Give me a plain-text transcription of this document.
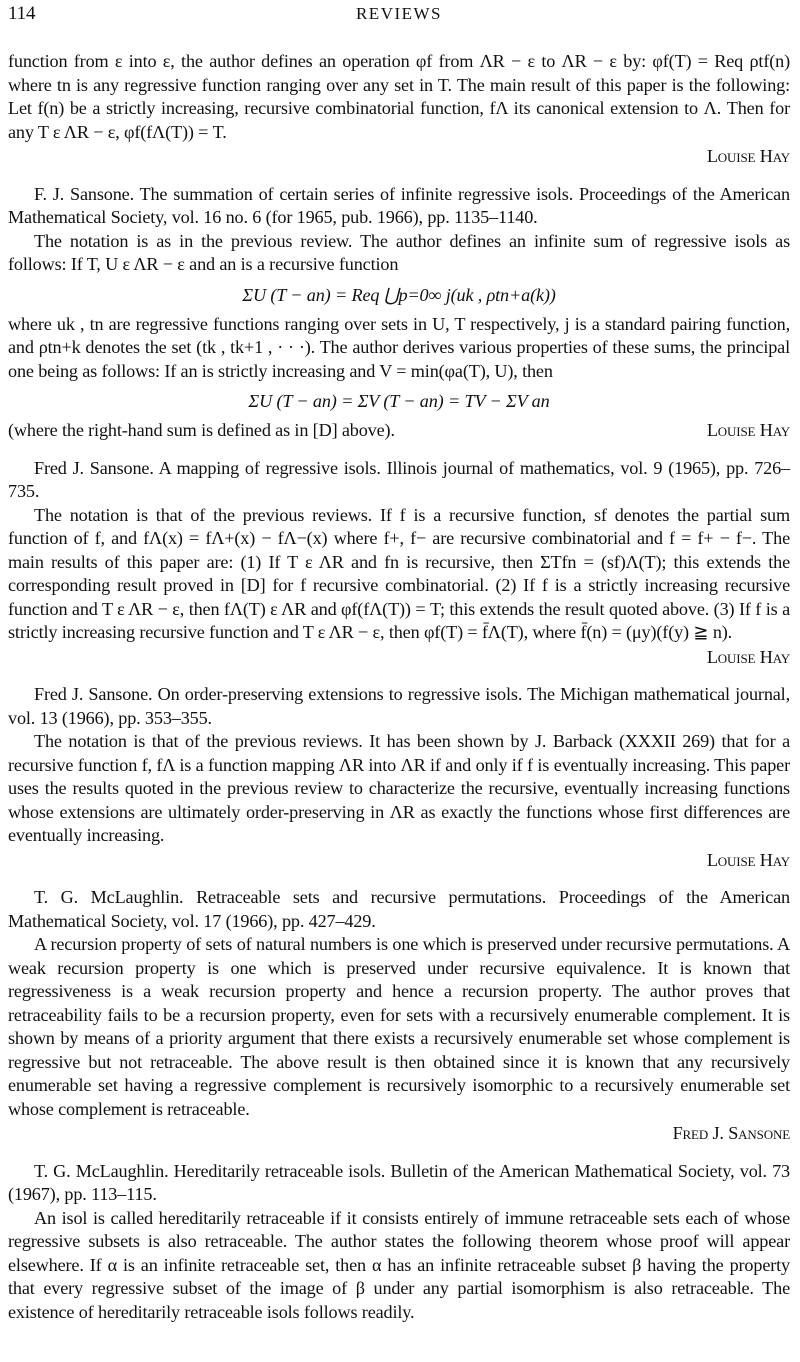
114	REVIEWS

function from ε into ε, the author defines an operation φf from ΛR − ε to ΛR − ε by: φf(T) = Req ρtf(n) where tn is any regressive function ranging over any set in T. The main result of this paper is the following: Let f(n) be a strictly increasing, recursive combinatorial function, fΛ its canonical extension to Λ. Then for any T ε ΛR − ε, φf(fΛ(T)) = T.

Louise Hay

F. J. Sansone. The summation of certain series of infinite regressive isols. Proceedings of the American Mathematical Society, vol. 16 no. 6 (for 1965, pub. 1966), pp. 1135–1140.

The notation is as in the previous review. The author defines an infinite sum of regressive isols as follows: If T, U ε ΛR − ε and an is a recursive function

ΣU (T − an) = Req ⋃p=0∞ j(uk , ρtn+a(k))

where uk , tn are regressive functions ranging over sets in U, T respectively, j is a standard pairing function, and ρtn+k denotes the set (tk , tk+1 , · · ·). The author derives various properties of these sums, the principal one being as follows: If an is strictly increasing and V = min(φa(T), U), then

ΣU (T − an) = ΣV (T − an) = TV − ΣV an
(where the right-hand sum is defined as in [D] above).	Louise Hay

Fred J. Sansone. A mapping of regressive isols. Illinois journal of mathematics, vol. 9 (1965), pp. 726–735.

The notation is that of the previous reviews. If f is a recursive function, sf denotes the partial sum function of f, and fΛ(x) = fΛ+(x) − fΛ−(x) where f+, f− are recursive combinatorial and f = f+ − f−. The main results of this paper are: (1) If T ε ΛR and fn is recursive, then ΣTfn = (sf)Λ(T); this extends the corresponding result proved in [D] for f recursive combinatorial. (2) If f is a strictly increasing recursive function and T ε ΛR − ε, then fΛ(T) ε ΛR and φf(fΛ(T)) = T; this extends the result quoted above. (3) If f is a strictly increasing recursive function and T ε ΛR − ε, then φf(T) = f̄Λ(T), where f̄(n) = (μy)(f(y) ≧ n).

Louise Hay

Fred J. Sansone. On order-preserving extensions to regressive isols. The Michigan mathematical journal, vol. 13 (1966), pp. 353–355.

The notation is that of the previous reviews. It has been shown by J. Barback (XXXII 269) that for a recursive function f, fΛ is a function mapping ΛR into ΛR if and only if f is eventually increasing. This paper uses the results quoted in the previous review to characterize the recursive, eventually increasing functions whose extensions are ultimately order-preserving in ΛR as exactly the functions whose first differences are eventually increasing.

Louise Hay

T. G. McLaughlin. Retraceable sets and recursive permutations. Proceedings of the American Mathematical Society, vol. 17 (1966), pp. 427–429.

A recursion property of sets of natural numbers is one which is preserved under recursive permutations. A weak recursion property is one which is preserved under recursive equivalence. It is known that regressiveness is a weak recursion property and hence a recursion property. The author proves that retraceability fails to be a recursion property, even for sets with a recursively enumerable complement. It is shown by means of a priority argument that there exists a recursively enumerable set whose complement is regressive but not retraceable. The above result is then obtained since it is known that any recursively enumerable set having a regressive complement is recursively isomorphic to a recursively enumerable set whose complement is retraceable.

Fred J. Sansone

T. G. McLaughlin. Hereditarily retraceable isols. Bulletin of the American Mathematical Society, vol. 73 (1967), pp. 113–115.

An isol is called hereditarily retraceable if it consists entirely of immune retraceable sets each of whose regressive subsets is also retraceable. The author states the following theorem whose proof will appear elsewhere. If α is an infinite retraceable set, then α has an infinite retraceable subset β having the property that every regressive subset of the image of β under any partial isomorphism is also retraceable. The existence of hereditarily retraceable isols follows readily.
